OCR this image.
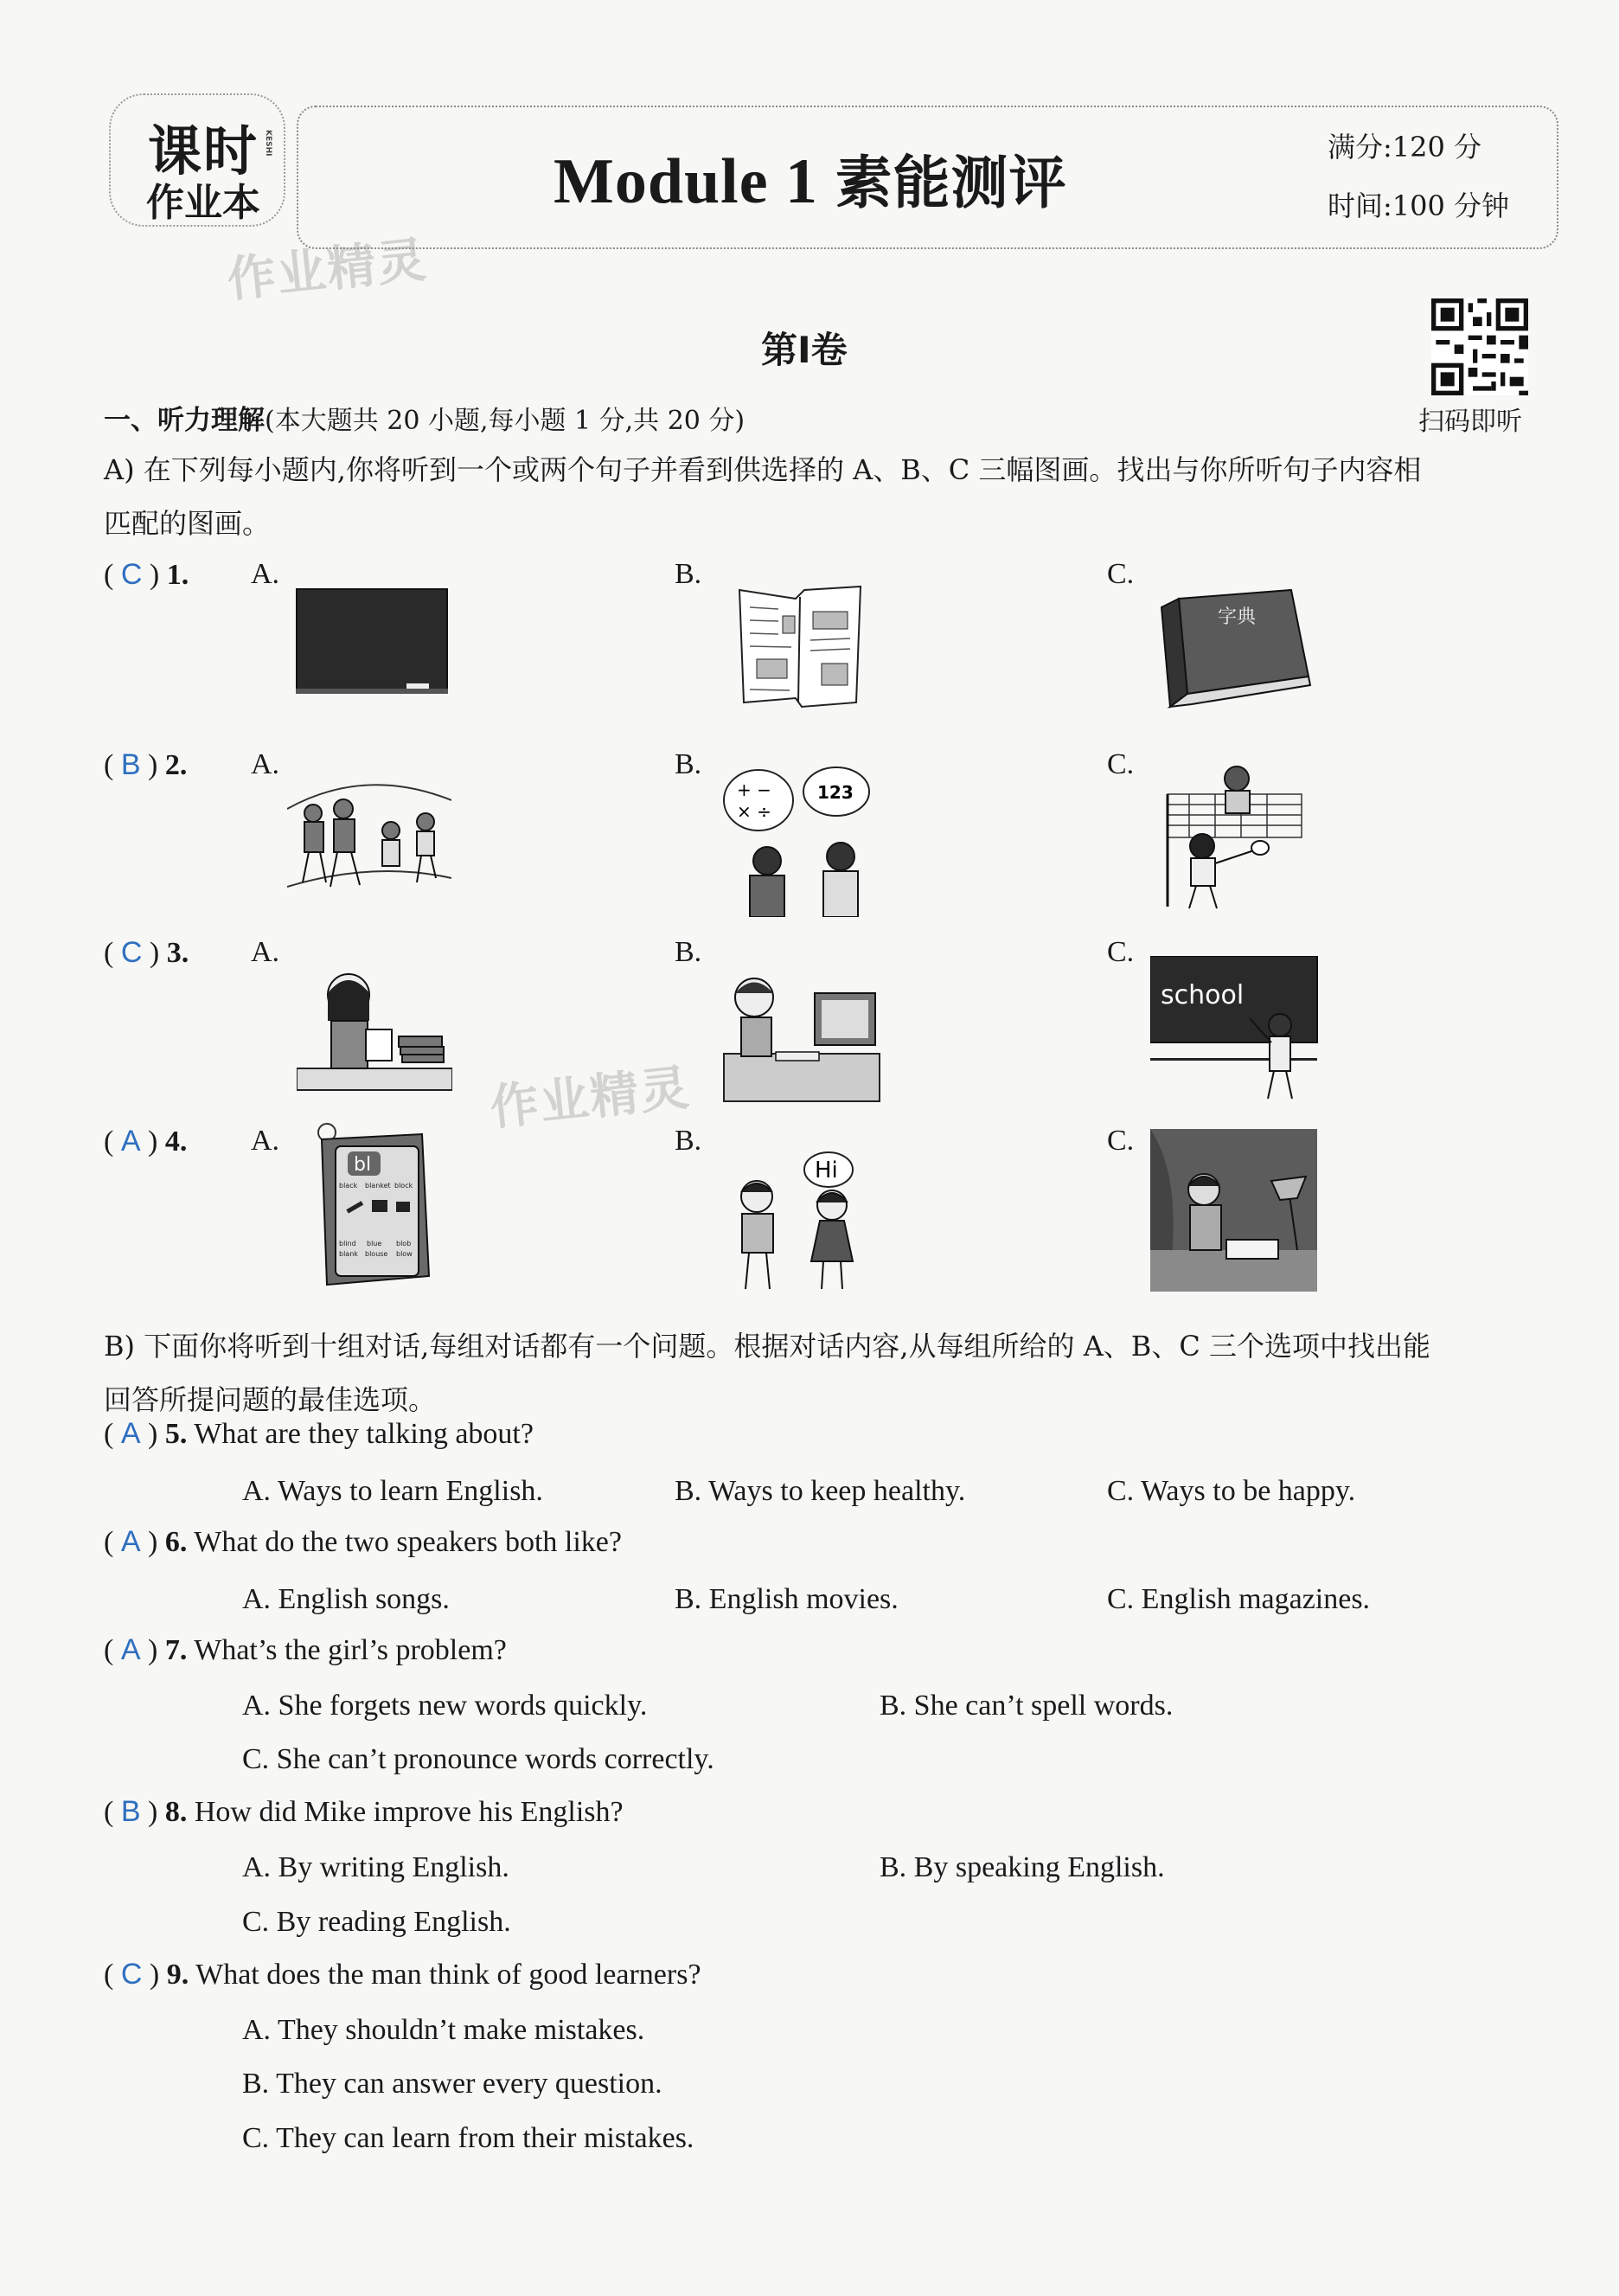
课时
作业本
KESHI
Module 1 素能测评
满分:120 分
时间:100 分钟
作业精灵
作业精灵
第Ⅰ卷
扫码即听
一、听力理解(本大题共 20 小题,每小题 1 分,共 20 分)
A) 在下列每小题内,你将听到一个或两个句子并看到供选择的 A、B、C 三幅图画。找出与你所听句子内容相
匹配的图画。
( C ) 1. A.	B.	C.
( B ) 2. A.	B.	C.
( C ) 3. A.	B.	C.
( A ) 4. A.	B.	C.
字典
+ −
× ÷
123
school
bl
black blanket block
blind blue blob
blank blouse blow
Hi
B) 下面你将听到十组对话,每组对话都有一个问题。根据对话内容,从每组所给的 A、B、C 三个选项中找出能
回答所提问题的最佳选项。
( A ) 5. What are they talking about?
A. Ways to learn English.	B. Ways to keep healthy.	C. Ways to be happy.
( A ) 6. What do the two speakers both like?
A. English songs.	B. English movies.	C. English magazines.
( A ) 7. What’s the girl’s problem?
A. She forgets new words quickly.	B. She can’t spell words.
C. She can’t pronounce words correctly.
( B ) 8. How did Mike improve his English?
A. By writing English.	B. By speaking English.
C. By reading English.
( C ) 9. What does the man think of good learners?
A. They shouldn’t make mistakes.
B. They can answer every question.
C. They can learn from their mistakes.
